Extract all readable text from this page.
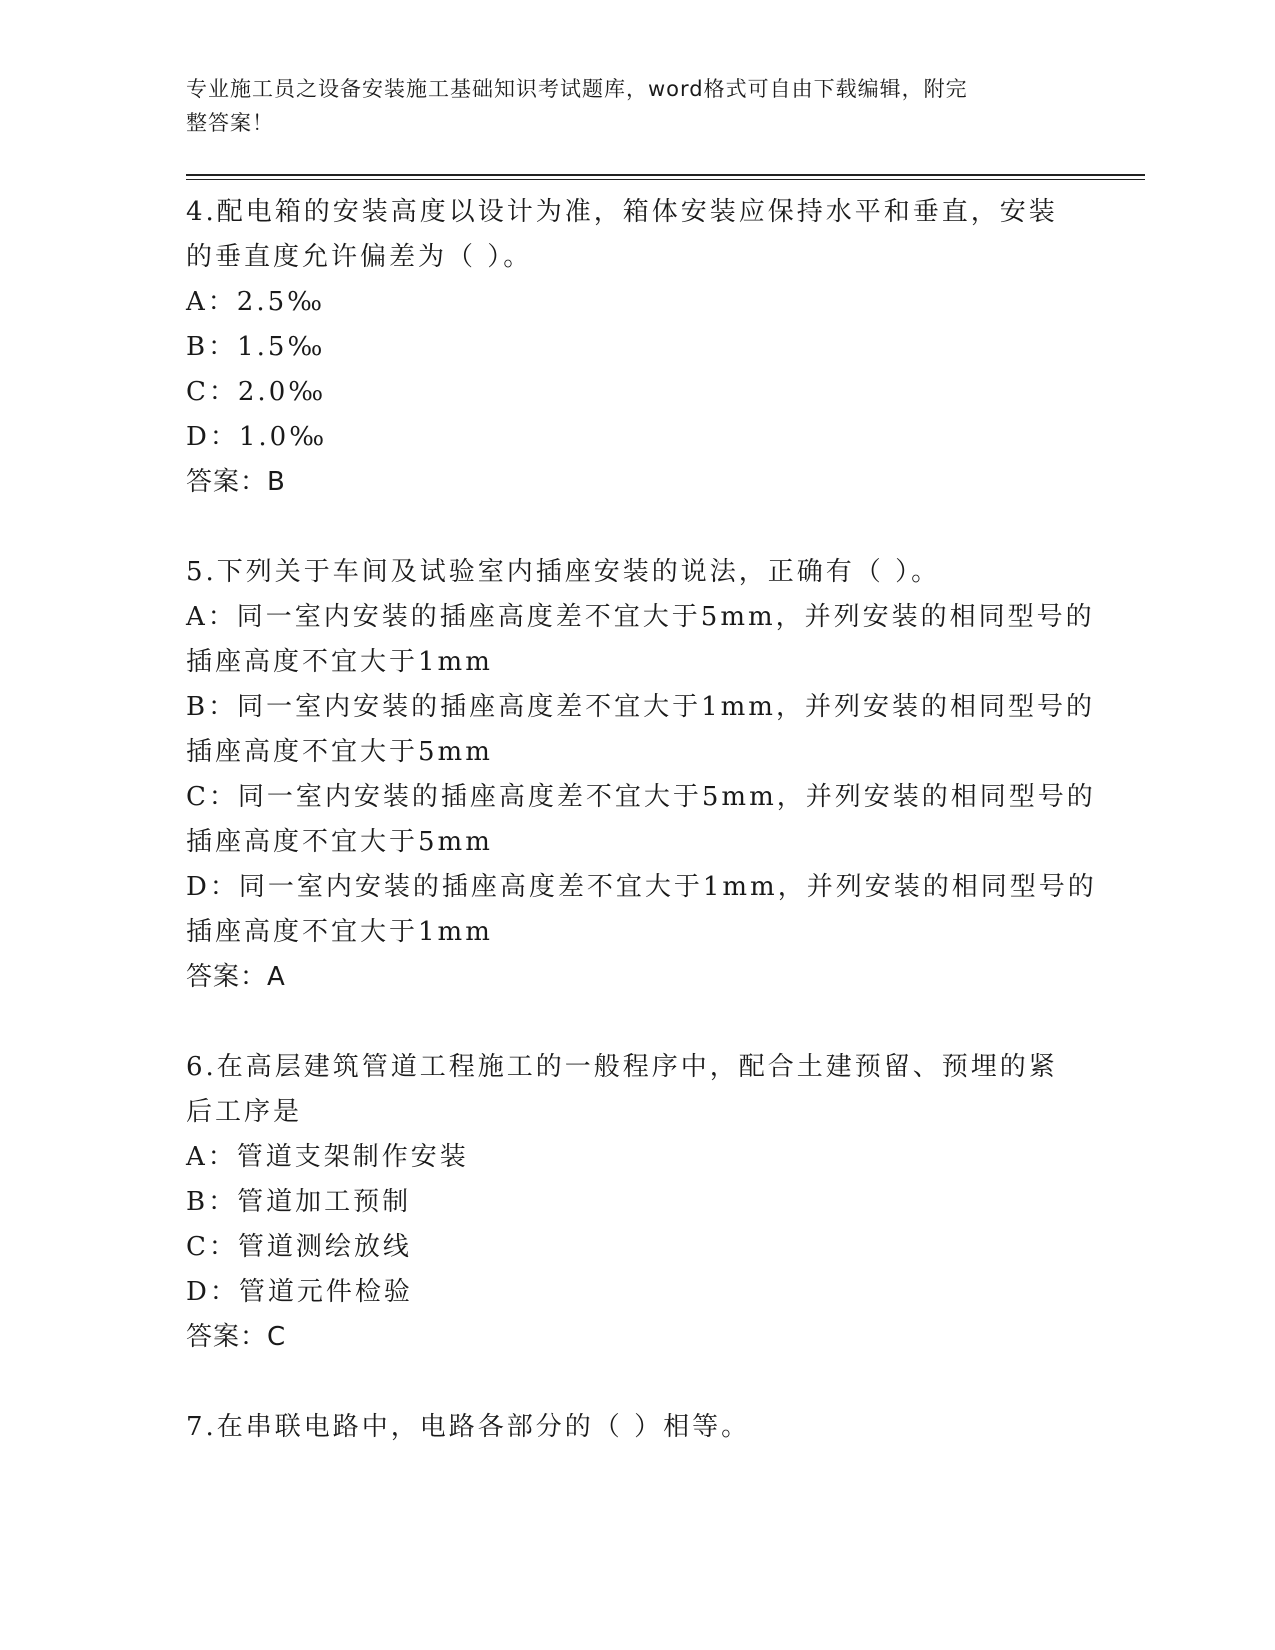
专业施工员之设备安装施工基础知识考试题库，word格式可自由下载编辑，附完
整答案！
4.配电箱的安装高度以设计为准，箱体安装应保持水平和垂直，安装
的垂直度允许偏差为（ ）。
A：2.5‰
B：1.5‰
C：2.0‰
D：1.0‰
答案：B
5.下列关于车间及试验室内插座安装的说法，正确有（ ）。
A：同一室内安装的插座高度差不宜大于5mm，并列安装的相同型号的
插座高度不宜大于1mm
B：同一室内安装的插座高度差不宜大于1mm，并列安装的相同型号的
插座高度不宜大于5mm
C：同一室内安装的插座高度差不宜大于5mm，并列安装的相同型号的
插座高度不宜大于5mm
D：同一室内安装的插座高度差不宜大于1mm，并列安装的相同型号的
插座高度不宜大于1mm
答案：A
6.在高层建筑管道工程施工的一般程序中，配合土建预留、预埋的紧
后工序是
A：管道支架制作安装
B：管道加工预制
C：管道测绘放线
D：管道元件检验
答案：C
7.在串联电路中，电路各部分的（ ）相等。
